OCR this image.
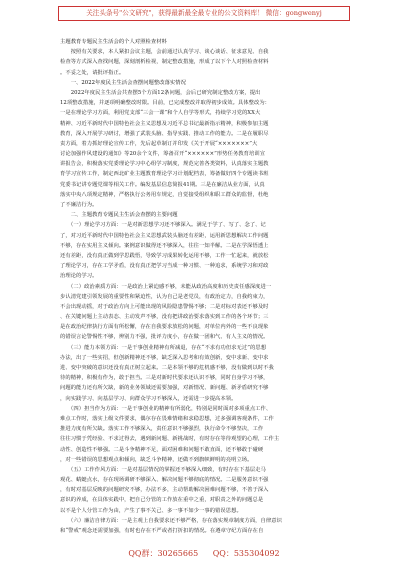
关注头条号"公文研究"，获得最新最全最专业的公文资料库！ 微信：gongwenyj
主题教育专题民主生活会的个人对照检查材料
　　按照有关要求，本人紧扣会议主题，会前通过认真学习、谈心谈话、征求意见、自我
检查等方式深入查找问题，深刻剖析检视，制定整改措施，形成了以下个人对照检查材料
。不妥之处，请批评指正。
　　一、2022年度民主生活会查摆问题整改落实情况
　　2022年度民主生活会共查摆5个方面12条问题，会后已研究制定整改方案，提出
12项整改措施，并逐项明确整改时限。目前，已完成整改并取得初步成效。具体整改为：
一是在理论学习方面，利用党支部“三会一课”和个人自学等形式，持续学习党的XX大
精神、习近平新时代中国特色社会主义思想及习近平总书记最新指示精神，积极参加主题
教育，深入开展学习研讨，增强了武装头脑、指导实践、推动工作的能力。二是在履职尽
责方面，着力抓好理论宣传工作，先后起草制订并印发《关于开展“×××××××”大
讨论加强作风建设的通知》等20余个文件，筹备召开“××××××”形势任务教育培训宣
讲报告会，积极落实党委理论学习中心组学习制度，规范完善各类资料，认真落实主题教
育学习宣传工作，制定西北矿业主题教育理论学习计划配档表，筹备做好四个专题读书班
党委书记讲专题党课等相关工作。编发基层信息简报41期。三是在廉洁从业方面，认真
落实中央八项规定精神，严格执行公务用车规定，自觉接受组织和职工群众的监督，杜绝
了不廉洁行为。
　　二、主题教育专题民主生活会查摆的主要问题
　　（一）理论学习方面：一是对新思想学习还不够深入。满足于学了、写了、念了、记
了，对习近平新时代中国特色社会主义思想武装头脑还有差距，运用新思想解决工作问题
不够，存在实用主义倾向。案例意识做得还不够深入，往往一知半解。二是在学深悟透上
还有差距，没有真正做到学思践悟，导致学习成果转化运用不够，工作一忙起来，就放松
了理论学习，存在工学矛盾，没有真正把学习当成一种习惯、一种追求，系统学习和对政
治理论的学习。
　　（二）政治素质方面：一是政治上紧迫感不够，未能从政治高度和历史责任感深度进一
步认清党建引领发展的重要性和紧迫性，认为自己是老党员，有政治定力，自我约束力，
不会出现动摇，对于政治方向上可能出现的风险隐患警惕不够；二是对标对表还不够及时
、在关键问题上主动表态、主动发声不够，没有把讲政治要求落实到工作的各个环节；三
是在政治纪律执行方面有所松懈，存在自我要求放松的问题，对单位内外的一些不良现象
的错误言论警惕性不够，辨别力不强，批评力度小，存在做一团和气、有人主义的情况。
　　（三）能力本领方面：一是干事创业精神有所减退，存在“不求有功但求无过”的思想
办法，出了一些实招，但创新精神还不够，缺乏深入思考和有效创新，变中求新、变中求
进、变中突破的意识还没有真正树立起来。二是本领不够的危机感不够，没有做到以时不我
待的精神，积极有作为，敢于担当。三是对新时代要求还认识不够，同时自身学习不够，
问题的能力还有所欠缺，新的业务领域还需要加强，对新情况、新问题、新矛盾研究不够
，向实践学习、向基层学习、向群众学习不够深入，还需进一步提高本领。
　　（四）担当作为方面：一是干事创业的精神有所弱化，特别是同时面对多项重点工作、
难点工作时，落实上级文件要求，偶尔存在畏难情绪和求稳思想，过多强调客观条件，工作
推进力度有所欠缺。落实工作不够深入，责任意识不够强烈，执行命令不够坚决，工作
往往习惯于凭经验、不求过得去，遇到新问题、新挑战时，有时存在等待观望的心理，工作主
动性、创造性不够强。二是斗争精神不足，面对困难和问题不敢直面，还不够敢于碰硬
，对一些错误的思想观点和倾向，缺乏斗争精神，还做不到旗帜鲜明的亮明立场。
　　（五）工作作风方面：一是对基层情况的掌握还不够深入细致，有时存在下基层走马
观花、蜻蜓点水，存在现场调研不够深入、解决问题不够彻底的情况。二是服务意识不强
，有时对基层反映的问题研究不够，办法不多，主动帮助解决困难问题不够，不善于深入
意识的养成，在具体实践中，把自己分管的工作放在重中之重，对职责之外的问题总是
以不是个人分管工作为由，产生了事不关己、多一事不如少一事的错误思想。
　　（六）廉洁自律方面：一是主观上自我要求还不够严格，存在落实规章制度方面，自律意识
和“警戒”观念还需要加强，有时也存在不严或者打折扣的情况。在遵章守纪方面存在自
QQ群：30265665 QQ：535304092
